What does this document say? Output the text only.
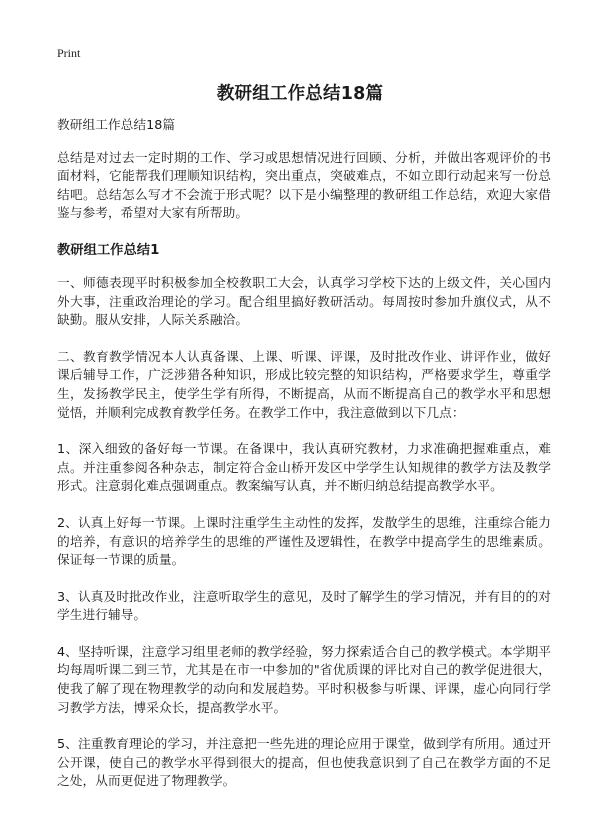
Print
教研组工作总结18篇

教研组工作总结18篇

总结是对过去一定时期的工作、学习或思想情况进行回顾、分析，并做出客观评价的书面材料，它能帮我们理顺知识结构，突出重点，突破难点，不如立即行动起来写一份总结吧。总结怎么写才不会流于形式呢？以下是小编整理的教研组工作总结，欢迎大家借鉴与参考，希望对大家有所帮助。

教研组工作总结1

一、师德表现平时积极参加全校教职工大会，认真学习学校下达的上级文件，关心国内外大事，注重政治理论的学习。配合组里搞好教研活动。每周按时参加升旗仪式，从不缺勤。服从安排，人际关系融洽。

二、教育教学情况本人认真备课、上课、听课、评课，及时批改作业、讲评作业，做好课后辅导工作，广泛涉猎各种知识，形成比较完整的知识结构，严格要求学生，尊重学生，发扬教学民主，使学生学有所得，不断提高，从而不断提高自己的教学水平和思想觉悟，并顺利完成教育教学任务。在教学工作中，我注意做到以下几点：

1、深入细致的备好每一节课。在备课中，我认真研究教材，力求准确把握难重点，难点。并注重参阅各种杂志，制定符合金山桥开发区中学学生认知规律的教学方法及教学形式。注意弱化难点强调重点。教案编写认真，并不断归纳总结提高教学水平。

2、认真上好每一节课。上课时注重学生主动性的发挥，发散学生的思维，注重综合能力的培养，有意识的培养学生的思维的严谨性及逻辑性，在教学中提高学生的思维素质。保证每一节课的质量。

3、认真及时批改作业，注意听取学生的意见，及时了解学生的学习情况，并有目的的对学生进行辅导。

4、坚持听课，注意学习组里老师的教学经验，努力探索适合自己的教学模式。本学期平均每周听课二到三节，尤其是在市一中参加的"省优质课的评比对自己的教学促进很大，使我了解了现在物理教学的动向和发展趋势。平时积极参与听课、评课，虚心向同行学习教学方法，博采众长，提高教学水平。

5、注重教育理论的学习，并注意把一些先进的理论应用于课堂，做到学有所用。通过开公开课，使自己的教学水平得到很大的提高，但也使我意识到了自己在教学方面的不足之处，从而更促进了物理教学。
